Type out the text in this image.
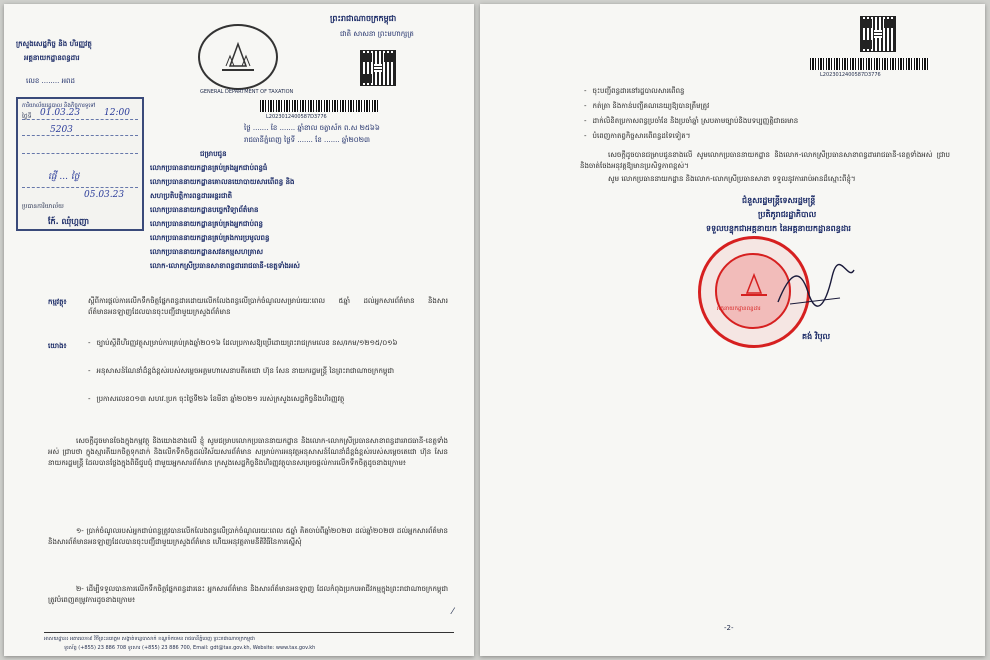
ក្រសួងសេដ្ឋកិច្ច និង ហិរញ្ញវត្ថុ
អគ្គនាយកដ្ឋានពន្ធដារ
លេខ ........ អពដ
GENERAL DEPARTMENT OF TAXATION
ព្រះរាជាណាចក្រកម្ពុជា
ជាតិ សាសនា ព្រះមហាក្សត្រ
L2023012400587D3776
ថ្ងៃ ....... ខែ ....... ឆ្នាំខាល ចត្វាស័ក ព.ស ២៥៦៦
រាជធានីភ្នំពេញ ថ្ងៃទី ....... ខែ ....... ឆ្នាំ២០២៣
ការិយាល័យរដ្ឋបាល និងកិច្ចការទូទៅ
ថ្ងៃទី 01.03.23	12:00
5203
ផ្ញើ ... ថ្ងៃ
05.03.23
ប្រធានការិយាល័យ
ក៍ែ. ឈុំហ្គញា
ជម្រាបជូន
លោកប្រធាននាយកដ្ឋានគ្រប់គ្រងអ្នកជាប់ពន្ធធំ
លោកប្រធាននាយកដ្ឋានគោលនយោបាយសារពើពន្ធ និង
សហប្រតិបត្តិការពន្ធដារអន្តរជាតិ
លោកប្រធាននាយកដ្ឋានបច្ចេកវិទ្យាព័ត៌មាន
លោកប្រធាននាយកដ្ឋានគ្រប់គ្រងអ្នកជាប់ពន្ធ
លោកប្រធាននាយកដ្ឋានគ្រប់គ្រងការប្រមូលពន្ធ
លោកប្រធាននាយកដ្ឋានសវនកម្មសហគ្រាស
លោក-លោកស្រីប្រធានសាខាពន្ធដាររាជធានី-ខេត្តទាំងអស់
កម្មវត្ថុ៖	ស្តីពីការផ្តល់ការលើកទឹកចិត្តផ្នែកពន្ធដារដោយលើកលែងពន្ធលើប្រាក់ចំណូលសម្រាប់រយៈពេល ៥ឆ្នាំ ដល់អ្នកសារព័ត៌មាន និងសារព័ត៌មានអនឡាញដែលបានចុះបញ្ជីជាមួយក្រសួងព័ត៌មាន
យោង៖
-	ច្បាប់ស្តីពីហិរញ្ញវត្ថុសម្រាប់ការគ្រប់គ្រងឆ្នាំ២០១៦ ដែលប្រកាសឱ្យប្រើដោយព្រះរាជក្រមលេខ នស/រកម/១២១៥/០១៦
- អនុសាសន៍ណែនាំដ៏ខ្ពង់ខ្ពស់របស់សម្តេចអគ្គមហាសេនាបតីតេជោ ហ៊ុន សែន នាយករដ្ឋមន្ត្រី នៃព្រះរាជាណាចក្រកម្ពុជា
- ប្រកាសលេខ០១៣ សហវ.ប្រក ចុះថ្ងៃទី២៦ ខែមីនា ឆ្នាំ២០២១ របស់ក្រសួងសេដ្ឋកិច្ចនិងហិរញ្ញវត្ថុ
សេចក្តីដូចមានចែងក្នុងកម្មវត្ថុ និងយោងខាងលើ ខ្ញុំ សូមជម្រាបលោកប្រធាននាយកដ្ឋាន និងលោក-លោកស្រីប្រធានសាខាពន្ធដាររាជធានី-ខេត្តទាំងអស់ ជ្រាបថា ក្នុងស្មារតីយកចិត្តទុកដាក់ និងលើកទឹកចិត្តដល់វិស័យសារព័ត៌មាន សម្រាប់ការអនុវត្តអនុសាសន៍ណែនាំដ៏ខ្ពង់ខ្ពស់របស់សម្តេចតេជោ ហ៊ុន សែន នាយករដ្ឋមន្ត្រី ដែលបានថ្លែងក្នុងពិធីជួបជុំ ជាមួយអ្នកសារព័ត៌មាន ក្រសួងសេដ្ឋកិច្ចនិងហិរញ្ញវត្ថុបានសម្រេចផ្តល់ការលើកទឹកចិត្តដូចខាងក្រោម៖
១- ប្រាក់ចំណូលរបស់អ្នកជាប់ពន្ធត្រូវបានលើកលែងពន្ធលើប្រាក់ចំណូលរយៈពេល ៥ឆ្នាំ គិតចាប់ពីឆ្នាំ២០២៣ ដល់ឆ្នាំ២០២៧ ដល់អ្នកសារព័ត៌មាន និងសារព័ត៌មានអនឡាញដែលបានចុះបញ្ជីជាមួយក្រសួងព័ត៌មាន ហើយអនុវត្តតាមនីតិវិធីនៃការស្នើសុំ
២- ដើម្បីទទួលបានការលើកទឹកចិត្តផ្នែកពន្ធដារនេះ អ្នកសារព័ត៌មាន និងសារព័ត៌មានអនឡាញ ដែលកំពុងប្រកបអាជីវកម្មក្នុងព្រះរាជាណាចក្រកម្ពុជា ត្រូវបំពេញតម្រូវការដូចខាងក្រោម៖
⁄
អាសយដ្ឋាន៖ អគារលេខ៩ វិថីព្រះនរោត្តម សង្កាត់ទន្លេបាសាក់ ខណ្ឌចំការមន រាជធានីភ្នំពេញ ព្រះរាជាណាចក្រកម្ពុជា
ទូរស័ព្ទ (+855) 23 886 708 ទូរសារ (+855) 23 886 700, Email: gdt@tax.gov.kh, Website: www.tax.gov.kh
L2023012400587D3776
- ចុះបញ្ជីពន្ធដារនៅរដ្ឋបាលសារពើពន្ធ
- កត់ត្រា និងកាន់បញ្ជីគណនេយ្យឱ្យបានត្រឹមត្រូវ
- ដាក់លិខិតប្រកាសពន្ធប្រចាំខែ និងប្រចាំឆ្នាំ ស្របតាមច្បាប់និងបទប្បញ្ញត្តិជាធរមាន
- បំពេញកាតព្វកិច្ចសារពើពន្ធដទៃទៀត។
សេចក្តីដូចបានជម្រាបជូនខាងលើ សូមលោកប្រធាននាយកដ្ឋាន និងលោក-លោកស្រីប្រធានសាខាពន្ធដាររាជធានី-ខេត្តទាំងអស់ ជ្រាប និងចាត់ចែងអនុវត្តឱ្យមានប្រសិទ្ធភាពខ្ពស់។
សូម លោកប្រធាននាយកដ្ឋាន និងលោក-លោកស្រីប្រធានសាខា ទទួលនូវការរាប់អានដ៏ស្មោះពីខ្ញុំ។
ជំនួសរដ្ឋមន្ត្រីទេសរដ្ឋមន្ត្រី
ប្រតិភូរាជរដ្ឋាភិបាល
ទទួលបន្ទុកជាអគ្គនាយក នៃអគ្គនាយកដ្ឋានពន្ធដារ
អគ្គនាយកដ្ឋានពន្ធដារ
គង់ វិបុល
-2-
